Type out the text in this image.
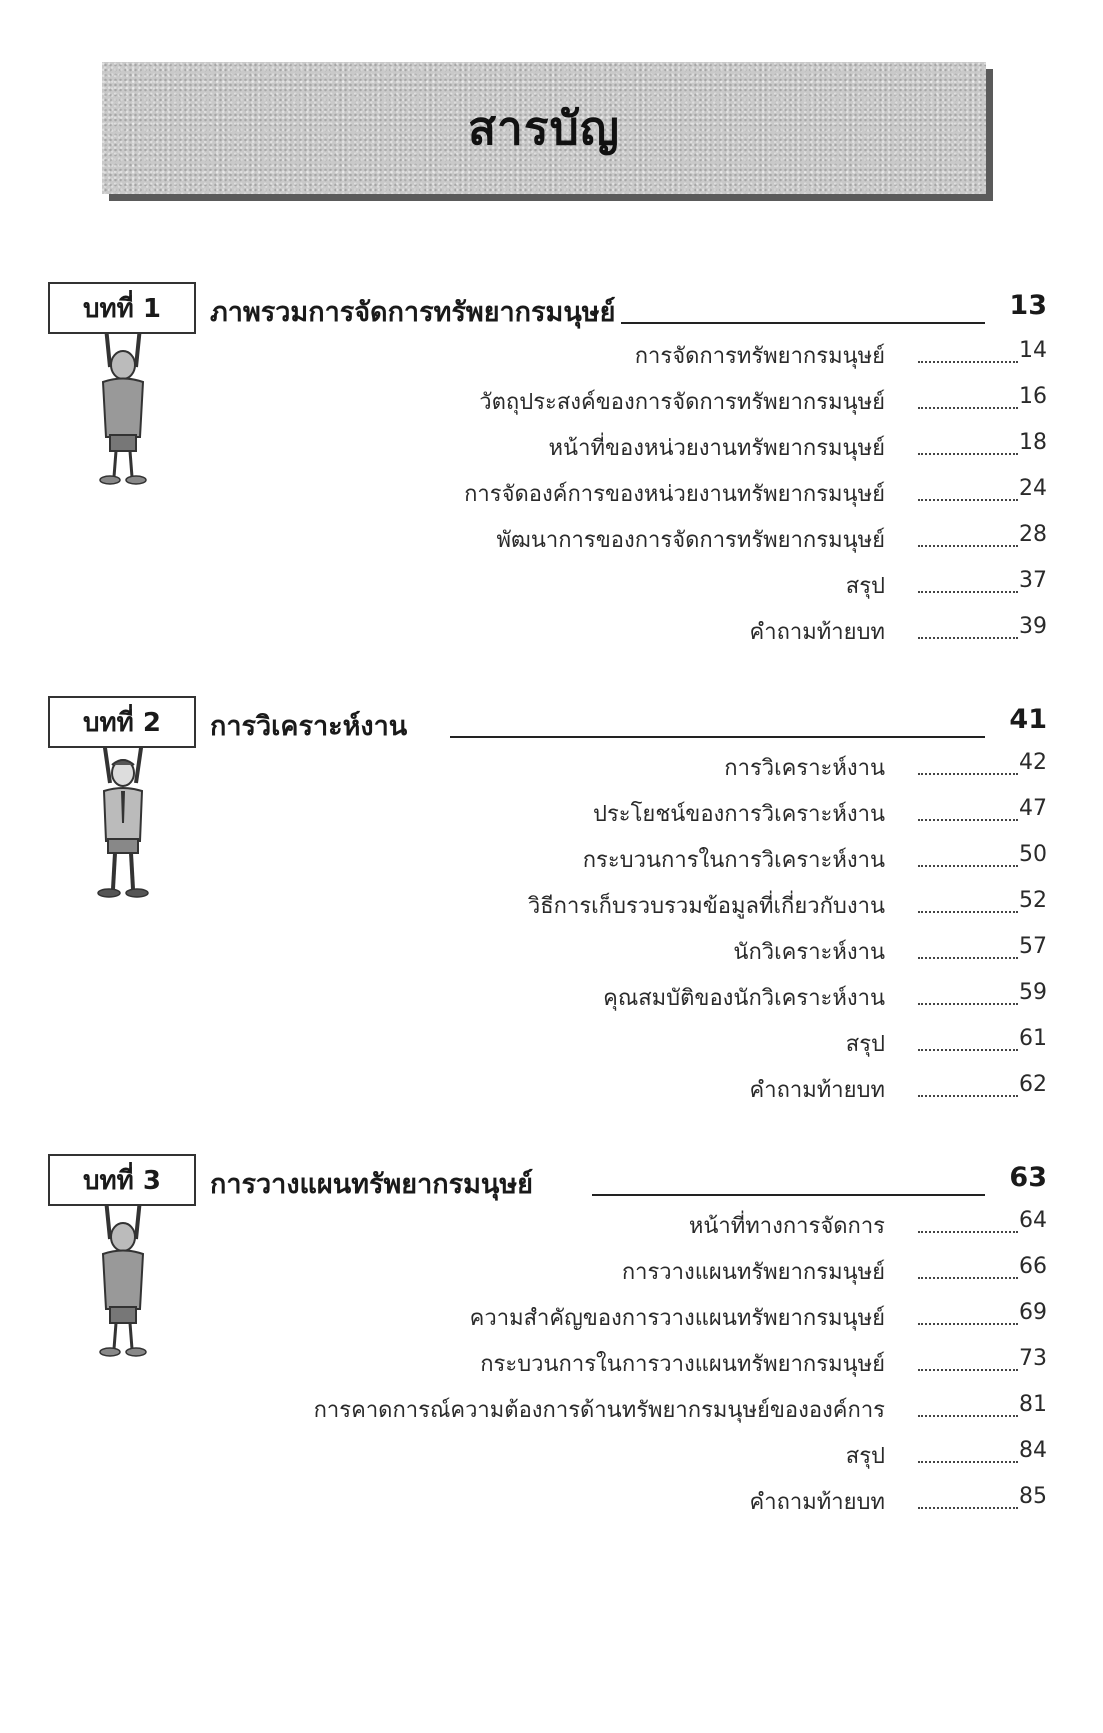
สารบัญ
บทที่ 1 ภาพรวมการจัดการทรัพยากรมนุษย์	13
การจัดการทรัพยากรมนุษย์	14
วัตถุประสงค์ของการจัดการทรัพยากรมนุษย์	16
หน้าที่ของหน่วยงานทรัพยากรมนุษย์	18
การจัดองค์การของหน่วยงานทรัพยากรมนุษย์	24
พัฒนาการของการจัดการทรัพยากรมนุษย์	28
สรุป	37
คำถามท้ายบท	39
บทที่ 2 การวิเคราะห์งาน	41
การวิเคราะห์งาน	42
ประโยชน์ของการวิเคราะห์งาน	47
กระบวนการในการวิเคราะห์งาน	50
วิธีการเก็บรวบรวมข้อมูลที่เกี่ยวกับงาน	52
นักวิเคราะห์งาน	57
คุณสมบัติของนักวิเคราะห์งาน	59
สรุป	61
คำถามท้ายบท	62
บทที่ 3 การวางแผนทรัพยากรมนุษย์	63
หน้าที่ทางการจัดการ	64
การวางแผนทรัพยากรมนุษย์	66
ความสำคัญของการวางแผนทรัพยากรมนุษย์	69
กระบวนการในการวางแผนทรัพยากรมนุษย์	73
การคาดการณ์ความต้องการด้านทรัพยากรมนุษย์ขององค์การ	81
สรุป	84
คำถามท้ายบท	85
